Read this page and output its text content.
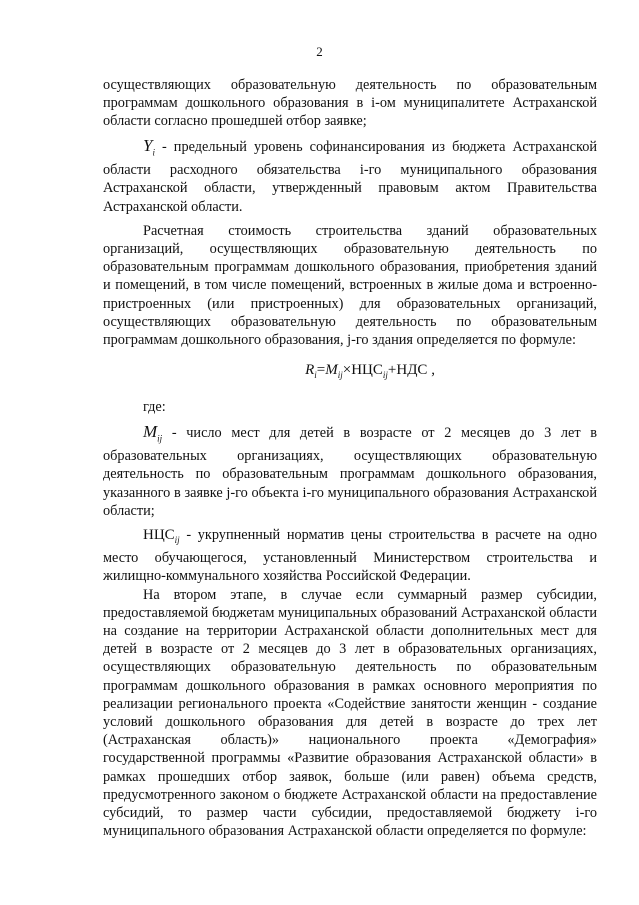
2

осуществляющих образовательную деятельность по образовательным программам дошкольного образования в i-ом муниципалитете Астраханской области согласно прошедшей отбор заявке;

$Y_i$ - предельный уровень софинансирования из бюджета Астраханской области расходного обязательства i-го муниципального образования Астраханской области, утвержденный правовым актом Правительства Астраханской области.

Расчетная стоимость строительства зданий образовательных организаций, осуществляющих образовательную деятельность по образовательным программам дошкольного образования, приобретения зданий и помещений, в том числе помещений, встроенных в жилые дома и встроенно-пристроенных (или пристроенных) для образовательных организаций, осуществляющих образовательную деятельность по образовательным программам дошкольного образования, j-го здания определяется по формуле:

$R_i=M_{ij}\times НЦС_{ij}+НДС$ ,

где:

$M_{ij}$ - число мест для детей в возрасте от 2 месяцев до 3 лет в образовательных организациях, осуществляющих образовательную деятельность по образовательным программам дошкольного образования, указанного в заявке j-го объекта i-го муниципального образования Астраханской области;

$НЦС_{ij}$ - укрупненный норматив цены строительства в расчете на одно место обучающегося, установленный Министерством строительства и жилищно-коммунального хозяйства Российской Федерации.

На втором этапе, в случае если суммарный размер субсидии, предоставляемой бюджетам муниципальных образований Астраханской области на создание на территории Астраханской области дополнительных мест для детей в возрасте от 2 месяцев до 3 лет в образовательных организациях, осуществляющих образовательную деятельность по образовательным программам дошкольного образования в рамках основного мероприятия по реализации регионального проекта «Содействие занятости женщин - создание условий дошкольного образования для детей в возрасте до трех лет (Астраханская область)» национального проекта «Демография» государственной программы «Развитие образования Астраханской области» в рамках прошедших отбор заявок, больше (или равен) объема средств, предусмотренного законом о бюджете Астраханской области на предоставление субсидий, то размер части субсидии, предоставляемой бюджету i-го муниципального образования Астраханской области определяется по формуле:
